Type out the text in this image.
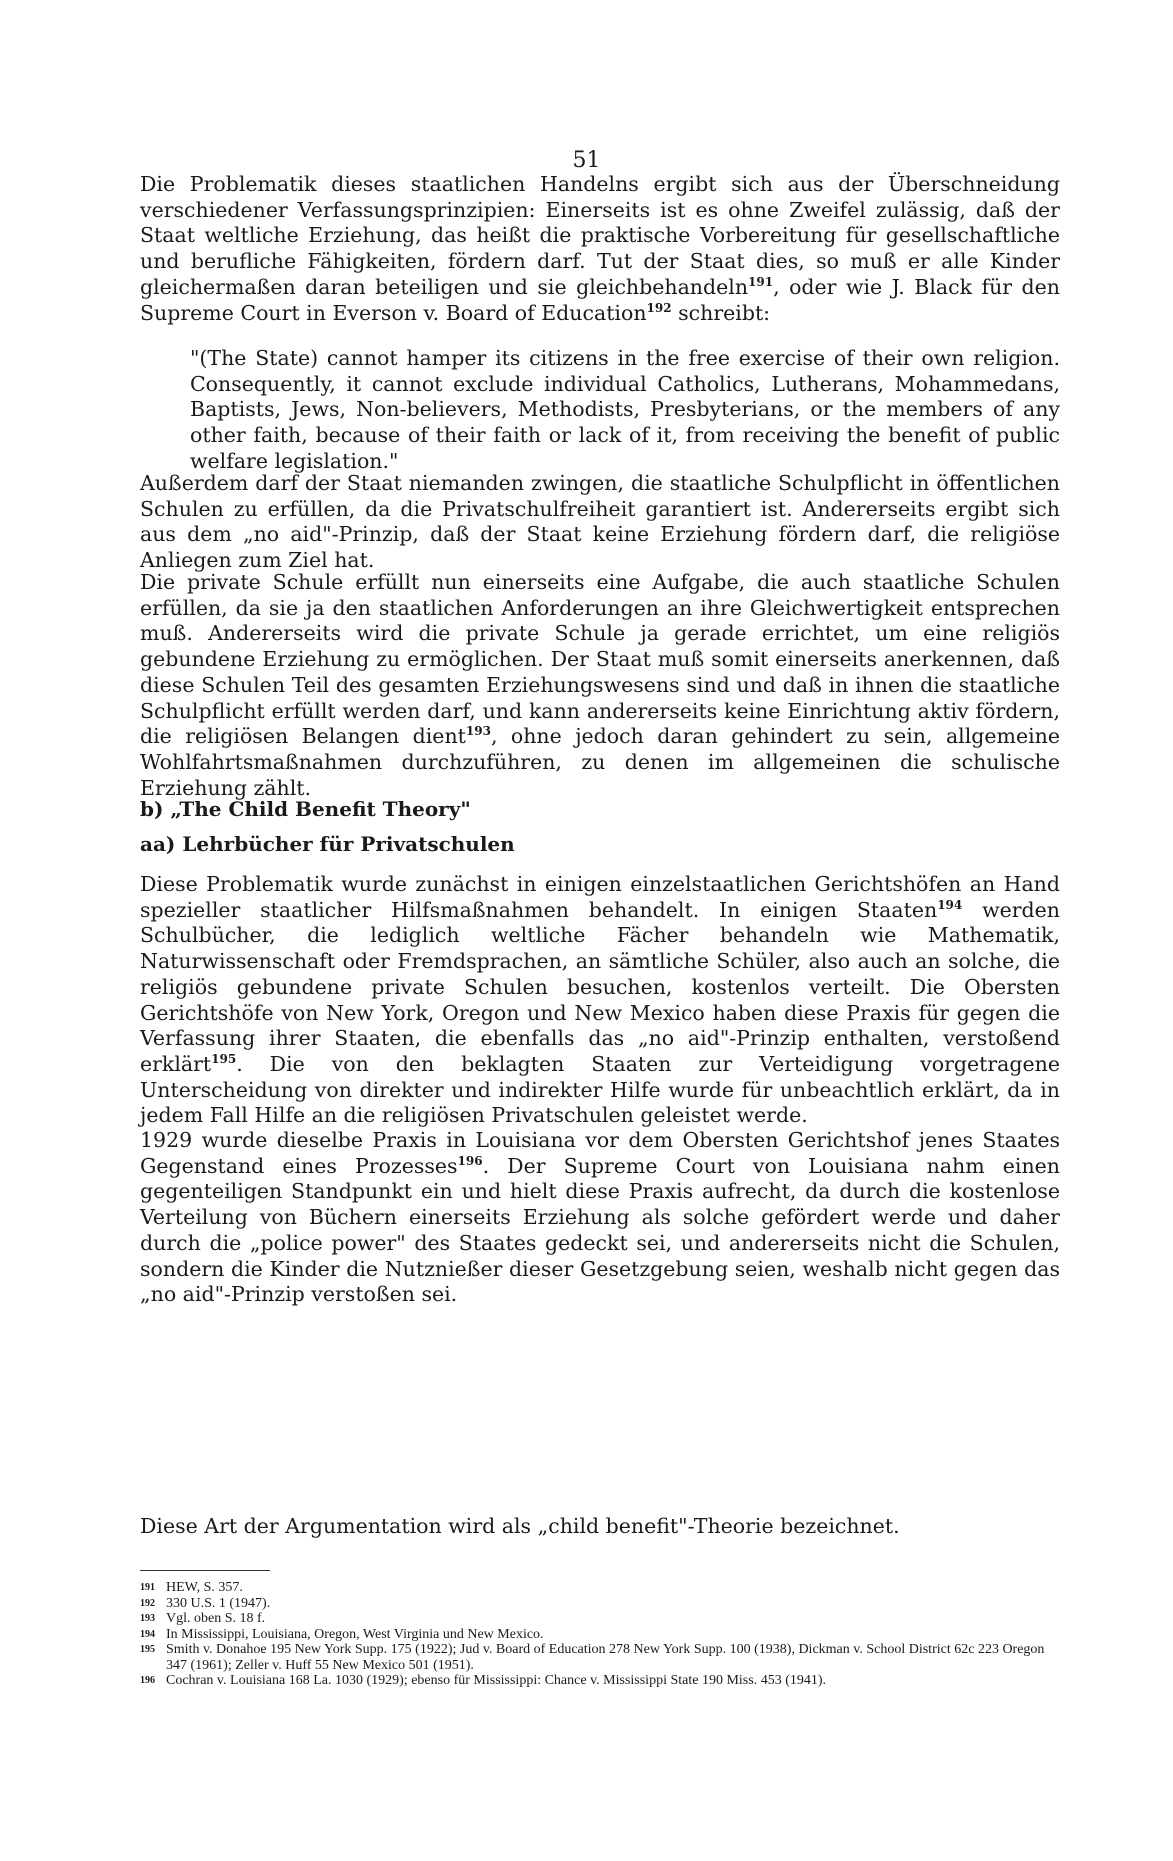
51

Die Problematik dieses staatlichen Handelns ergibt sich aus der Überschneidung verschiedener Verfassungsprinzipien: Einerseits ist es ohne Zweifel zulässig, daß der Staat weltliche Erziehung, das heißt die praktische Vorbereitung für gesellschaftliche und berufliche Fähigkeiten, fördern darf. Tut der Staat dies, so muß er alle Kinder gleichermaßen daran beteiligen und sie gleichbehandeln$^{191}$, oder wie J. Black für den Supreme Court in Everson v. Board of Education$^{192}$ schreibt:

"(The State) cannot hamper its citizens in the free exercise of their own religion. Consequently, it cannot exclude individual Catholics, Lutherans, Mohammedans, Baptists, Jews, Non-believers, Methodists, Presbyterians, or the members of any other faith, because of their faith or lack of it, from receiving the benefit of public welfare legislation."

Außerdem darf der Staat niemanden zwingen, die staatliche Schulpflicht in öffentlichen Schulen zu erfüllen, da die Privatschulfreiheit garantiert ist. Andererseits ergibt sich aus dem „no aid"-Prinzip, daß der Staat keine Erziehung fördern darf, die religiöse Anliegen zum Ziel hat.

Die private Schule erfüllt nun einerseits eine Aufgabe, die auch staatliche Schulen erfüllen, da sie ja den staatlichen Anforderungen an ihre Gleichwertigkeit entsprechen muß. Andererseits wird die private Schule ja gerade errichtet, um eine religiös gebundene Erziehung zu ermöglichen. Der Staat muß somit einerseits anerkennen, daß diese Schulen Teil des gesamten Erziehungswesens sind und daß in ihnen die staatliche Schulpflicht erfüllt werden darf, und kann andererseits keine Einrichtung aktiv fördern, die religiösen Belangen dient$^{193}$, ohne jedoch daran gehindert zu sein, allgemeine Wohlfahrtsmaßnahmen durchzuführen, zu denen im allgemeinen die schulische Erziehung zählt.

b) „The Child Benefit Theory"
aa) Lehrbücher für Privatschulen

Diese Problematik wurde zunächst in einigen einzelstaatlichen Gerichtshöfen an Hand spezieller staatlicher Hilfsmaßnahmen behandelt. In einigen Staaten$^{194}$ werden Schulbücher, die lediglich weltliche Fächer behandeln wie Mathematik, Naturwissenschaft oder Fremdsprachen, an sämtliche Schüler, also auch an solche, die religiös gebundene private Schulen besuchen, kostenlos verteilt. Die Obersten Gerichtshöfe von New York, Oregon und New Mexico haben diese Praxis für gegen die Verfassung ihrer Staaten, die ebenfalls das „no aid"-Prinzip enthalten, verstoßend erklärt$^{195}$. Die von den beklagten Staaten zur Verteidigung vorgetragene Unterscheidung von direkter und indirekter Hilfe wurde für unbeachtlich erklärt, da in jedem Fall Hilfe an die religiösen Privatschulen geleistet werde.

1929 wurde dieselbe Praxis in Louisiana vor dem Obersten Gerichtshof jenes Staates Gegenstand eines Prozesses$^{196}$. Der Supreme Court von Louisiana nahm einen gegenteiligen Standpunkt ein und hielt diese Praxis aufrecht, da durch die kostenlose Verteilung von Büchern einerseits Erziehung als solche gefördert werde und daher durch die „police power" des Staates gedeckt sei, und andererseits nicht die Schulen, sondern die Kinder die Nutznießer dieser Gesetzgebung seien, weshalb nicht gegen das „no aid"-Prinzip verstoßen sei.

Diese Art der Argumentation wird als „child benefit"-Theorie bezeichnet.

191 HEW, S. 357.
192 330 U.S. 1 (1947).
193 Vgl. oben S. 18 f.
194 In Mississippi, Louisiana, Oregon, West Virginia und New Mexico.
195 Smith v. Donahoe 195 New York Supp. 175 (1922); Jud v. Board of Education 278 New York Supp. 100 (1938), Dickman v. School District 62c 223 Oregon 347 (1961); Zeller v. Huff 55 New Mexico 501 (1951).
196 Cochran v. Louisiana 168 La. 1030 (1929); ebenso für Mississippi: Chance v. Mississippi State 190 Miss. 453 (1941).
